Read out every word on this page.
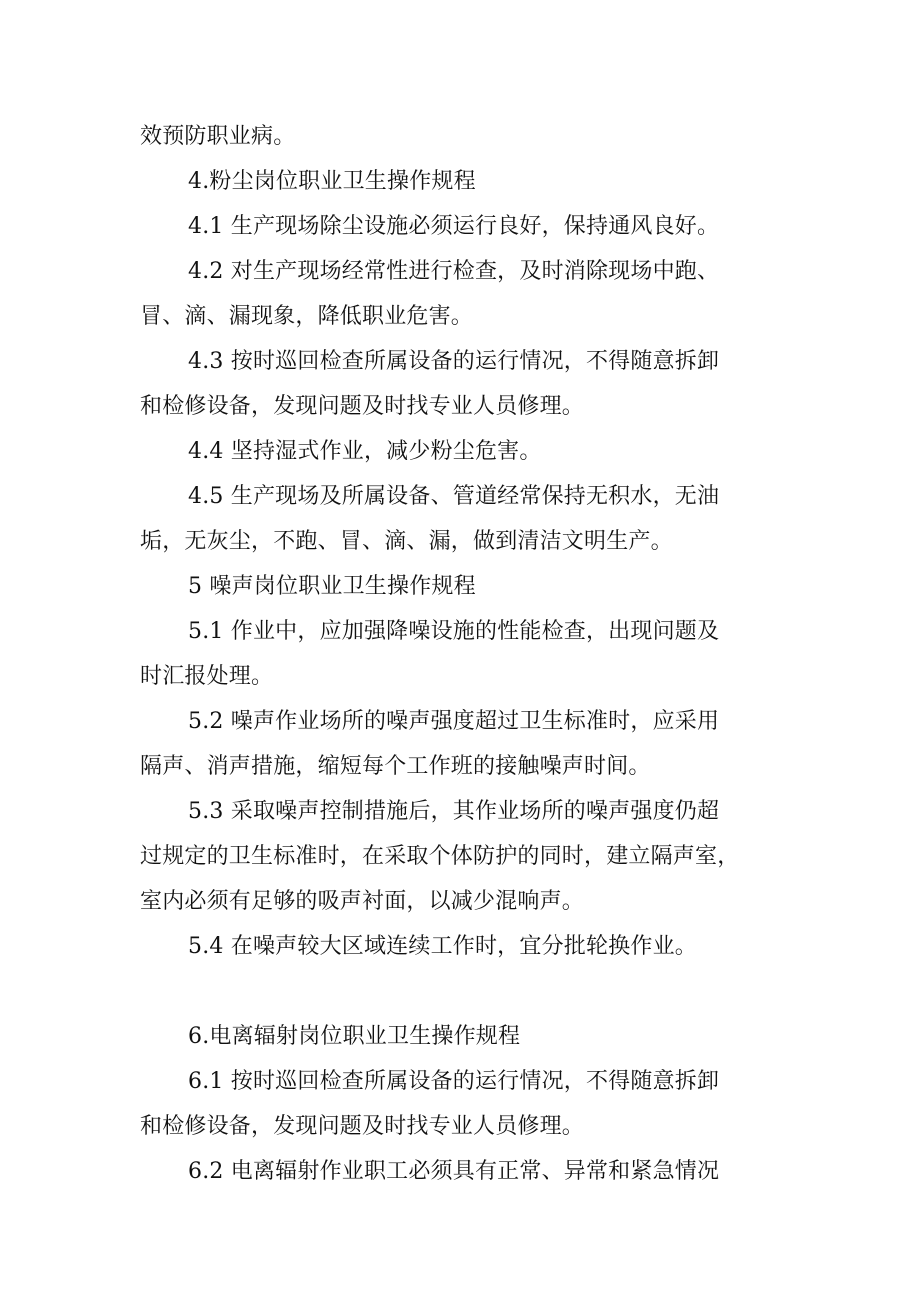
效预防职业病。
4.粉尘岗位职业卫生操作规程
4.1 生产现场除尘设施必须运行良好，保持通风良好。
4.2 对生产现场经常性进行检查，及时消除现场中跑、
冒、滴、漏现象，降低职业危害。
4.3 按时巡回检查所属设备的运行情况，不得随意拆卸
和检修设备，发现问题及时找专业人员修理。
4.4 坚持湿式作业，减少粉尘危害。
4.5 生产现场及所属设备、管道经常保持无积水，无油
垢，无灰尘，不跑、冒、滴、漏，做到清洁文明生产。
5 噪声岗位职业卫生操作规程
5.1 作业中，应加强降噪设施的性能检查，出现问题及
时汇报处理。
5.2 噪声作业场所的噪声强度超过卫生标准时，应采用
隔声、消声措施，缩短每个工作班的接触噪声时间。
5.3 采取噪声控制措施后，其作业场所的噪声强度仍超
过规定的卫生标准时，在采取个体防护的同时，建立隔声室，
室内必须有足够的吸声衬面，以减少混响声。
5.4 在噪声较大区域连续工作时，宜分批轮换作业。
6.电离辐射岗位职业卫生操作规程
6.1 按时巡回检查所属设备的运行情况，不得随意拆卸
和检修设备，发现问题及时找专业人员修理。
6.2 电离辐射作业职工必须具有正常、异常和紧急情况
